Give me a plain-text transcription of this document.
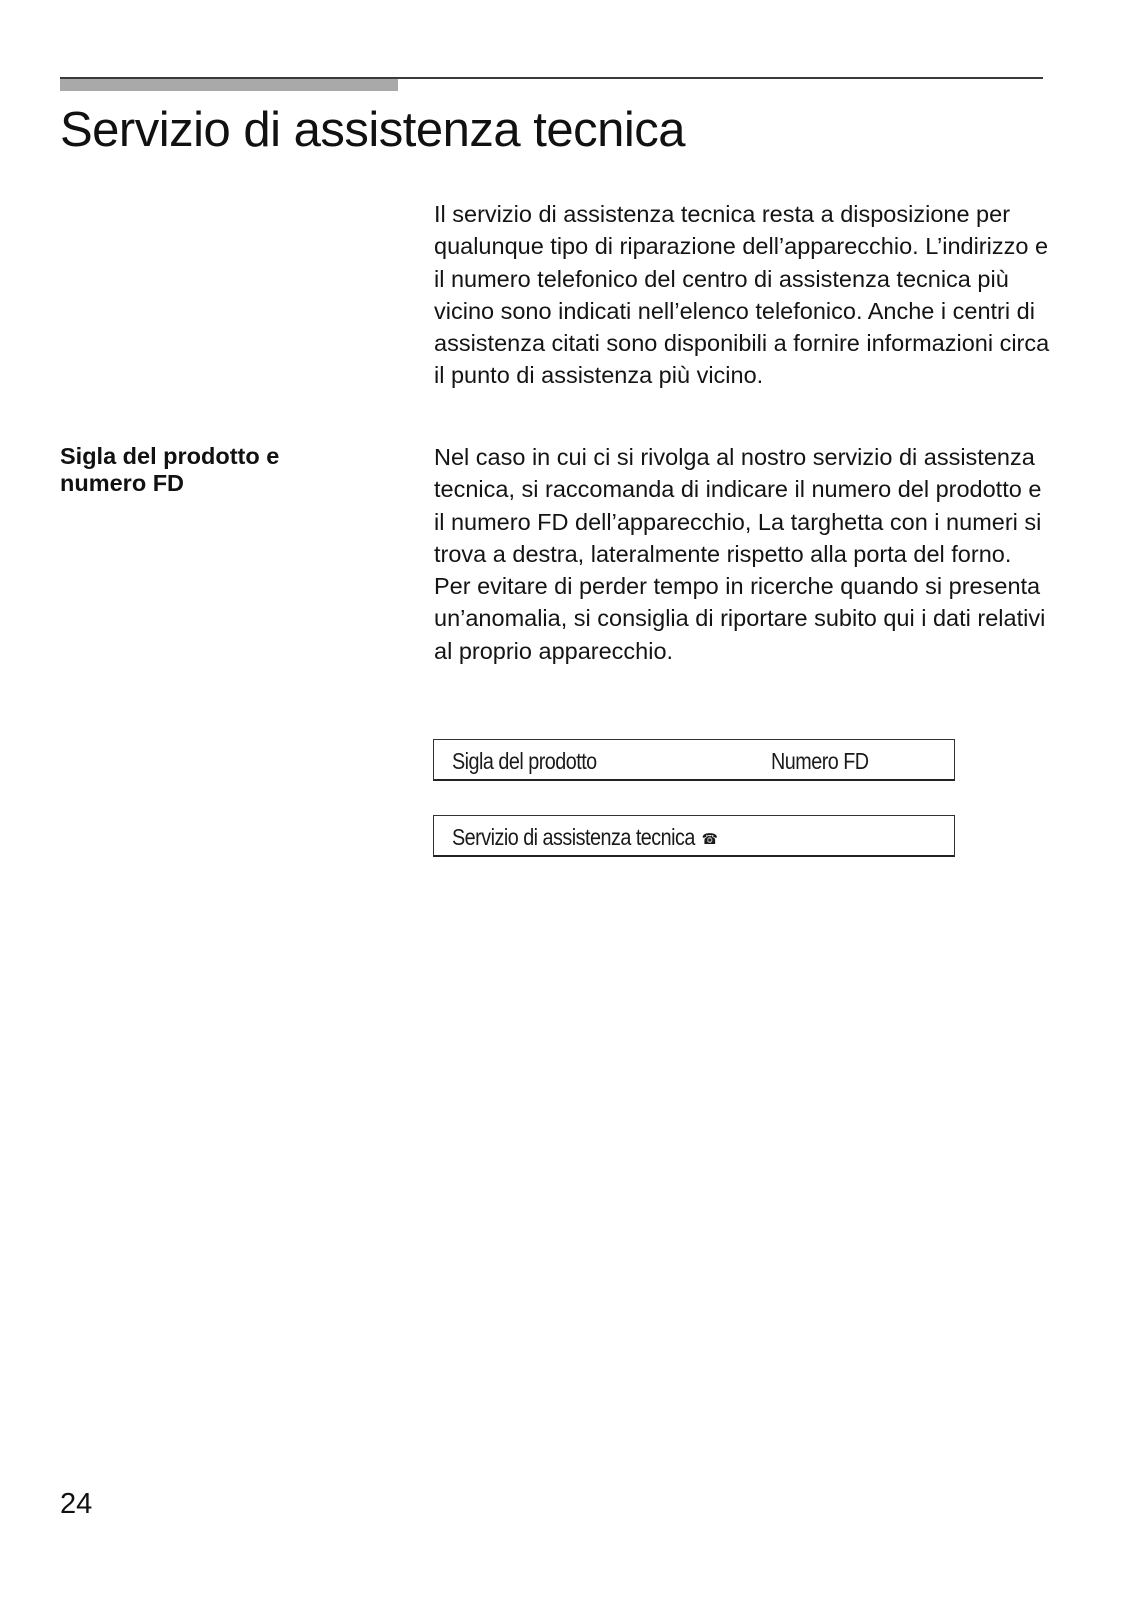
Servizio di assistenza tecnica

Il servizio di assistenza tecnica resta a disposizione per qualunque tipo di riparazione dell’apparecchio. L’indirizzo e il numero telefonico del centro di assistenza tecnica più vicino sono indicati nell’elenco telefonico. Anche i centri di assistenza citati sono disponibili a fornire informazioni circa il punto di assistenza più vicino.

Sigla del prodotto e numero FD

Nel caso in cui ci si rivolga al nostro servizio di assistenza tecnica, si raccomanda di indicare il numero del prodotto e il numero FD dell’apparecchio, La targhetta con i numeri si trova a destra, lateralmente rispetto alla porta del forno. Per evitare di perder tempo in ricerche quando si presenta un’anomalia, si consiglia di riportare subito qui i dati relativi al proprio apparecchio.

Sigla del prodotto	Numero FD
Servizio di assistenza tecnica ☎

24
